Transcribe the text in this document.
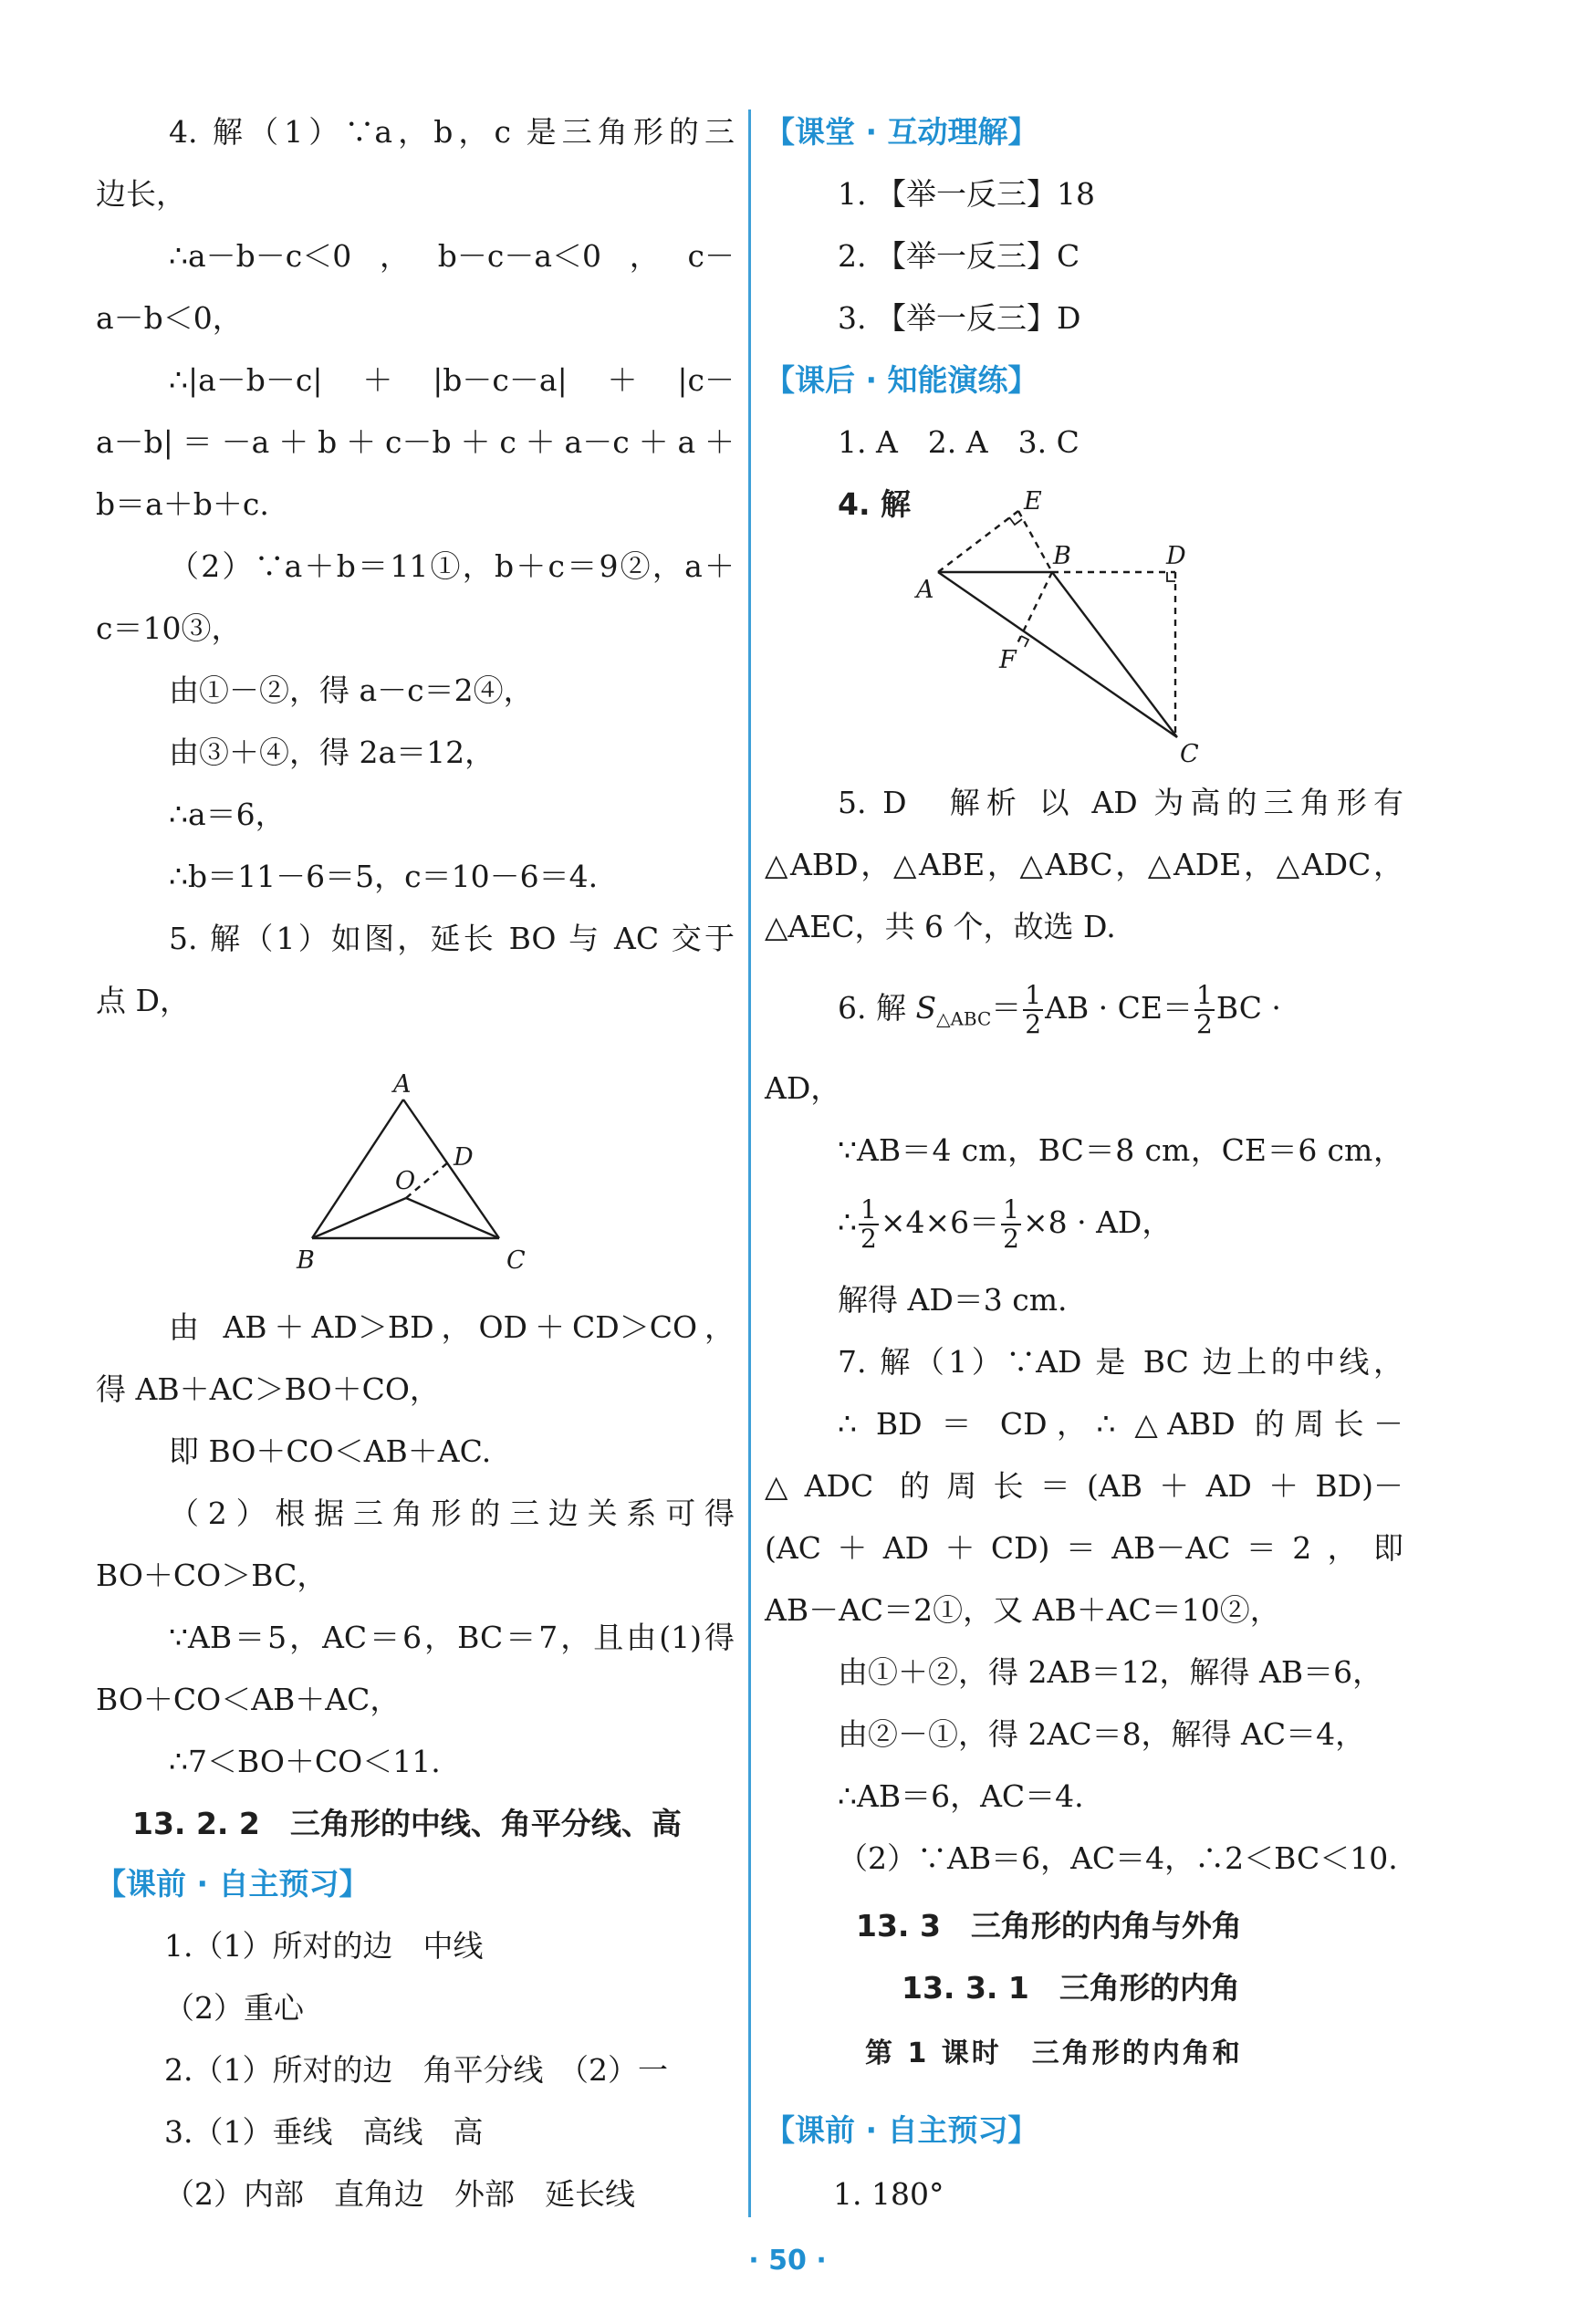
4. 解（1）∵a，b，c 是三角形的三
边长，
∴a－b－c＜0，b－c－a＜0，c－
a－b＜0，
∴|a－b－c|＋|b－c－a|＋|c－
a－b|＝－a＋b＋c－b＋c＋a－c＋a＋
b＝a＋b＋c.
（2）∵a＋b＝11①，b＋c＝9②，a＋
c＝10③，
由①－②，得 a－c＝2④，
由③＋④，得 2a＝12，
∴a＝6，
∴b＝11－6＝5，c＝10－6＝4.
5. 解（1）如图，延长 BO 与 AC 交于
点 D，
A
D
O
B	C
由 AB＋AD＞BD，OD＋CD＞CO，
得 AB＋AC＞BO＋CO，
即 BO＋CO＜AB＋AC.
（2）根据三角形的三边关系可得
BO＋CO＞BC，
∵AB＝5，AC＝6，BC＝7，且由(1)得
BO＋CO＜AB＋AC，
∴7＜BO＋CO＜11.
13. 2. 2　三角形的中线、角平分线、高
【课前 · 自主预习】
1.（1）所对的边　中线
（2）重心
2.（1）所对的边　角平分线　（2）一
3.（1）垂线　高线　高
（2）内部　直角边　外部　延长线
【课堂 · 互动理解】
1. 【举一反三】18
2. 【举一反三】C
3. 【举一反三】D
【课后 · 知能演练】
1. A　2. A　3. C
4. 解	E
B	D
A
F
C
5. D　解析 以 AD 为高的三角形有
△ABD，△ABE，△ABC，△ADE，△ADC，
△AEC，共 6 个，故选 D.
6. 解 $S_{\triangle ABC}= \frac{1}{2}$ AB · $CE= \frac{1}{2}$ BC ·
AD，
∵AB＝4 cm，BC＝8 cm，CE＝6 cm，
∴ $\frac{1}{2} \times 4\times 6= \frac{1}{2} \times 8$ · AD，
解得 AD＝3 cm.
7. 解（1）∵AD 是 BC 边上的中线，
∴ BD ＝ CD，∴ △ABD 的周长－
△ADC 的周长＝(AB＋AD＋BD)－
(AC＋AD＋CD)＝AB－AC＝2，即
AB－AC＝2①，又 AB＋AC＝10②，
由①＋②，得 2AB＝12，解得 AB＝6，
由②－①，得 2AC＝8，解得 AC＝4，
∴AB＝6，AC＝4.
（2）∵AB＝6，AC＝4，∴2＜BC＜10.
13. 3　三角形的内角与外角
13. 3. 1　三角形的内角
第 1 课时　三角形的内角和
【课前 · 自主预习】
1. 180°
· 50 ·
